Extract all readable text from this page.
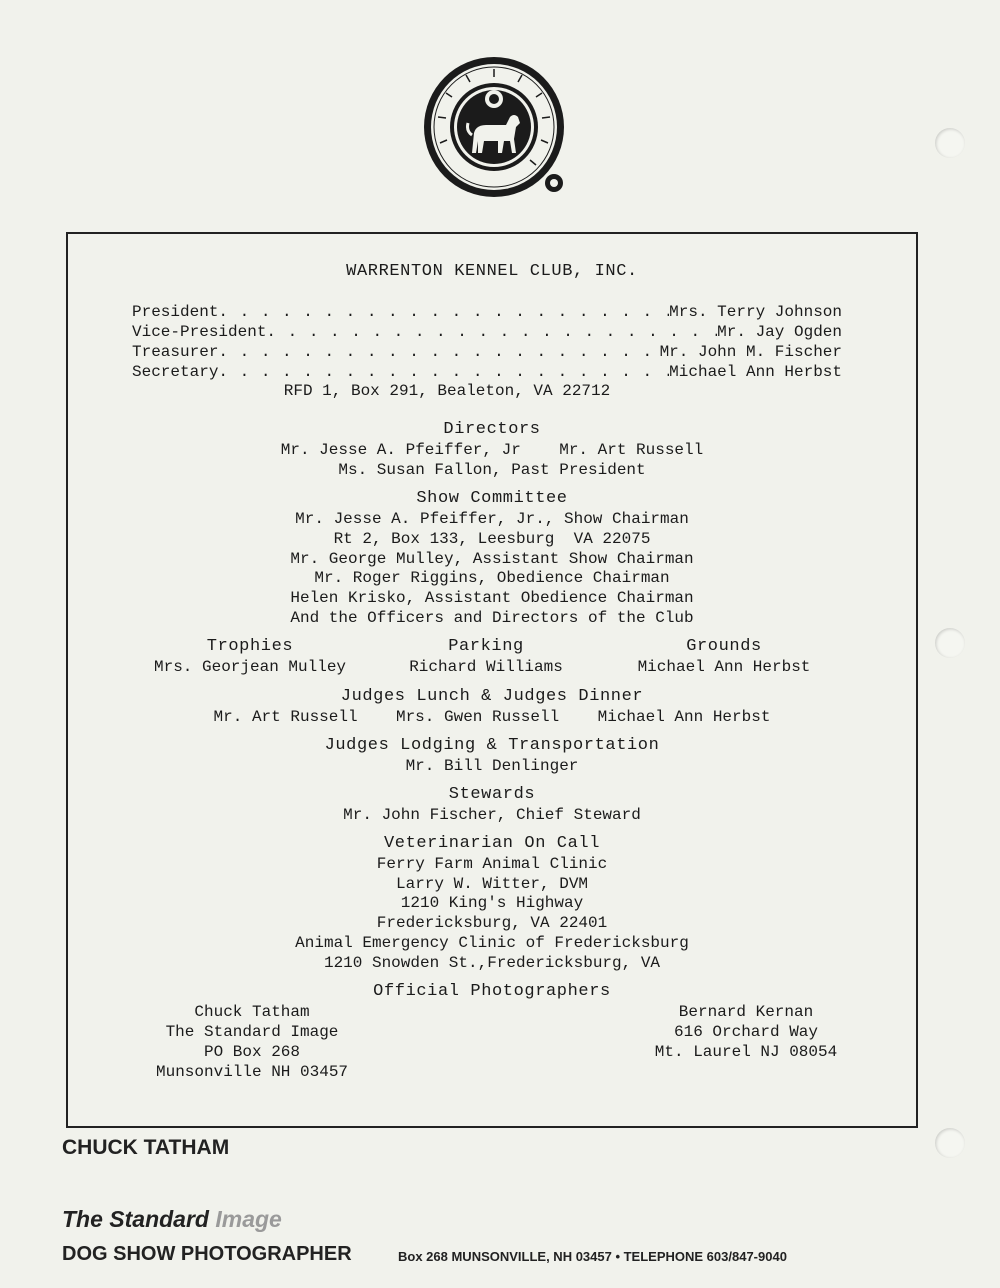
WARRENTON KENNEL CLUB, INC.
President . . .	Mrs. Terry Johnson
Vice-President . . .	Mr. Jay Ogden
Treasurer . . .	Mr. John M. Fischer
Secretary . . .	Michael Ann Herbst
RFD 1, Box 291, Bealeton, VA 22712
Directors
Mr. Jesse A. Pfeiffer, Jr    Mr. Art Russell
Ms. Susan Fallon, Past President
Show Committee
Mr. Jesse A. Pfeiffer, Jr., Show Chairman
Rt 2, Box 133, Leesburg  VA 22075
Mr. George Mulley, Assistant Show Chairman
Mr. Roger Riggins, Obedience Chairman
Helen Krisko, Assistant Obedience Chairman
And the Officers and Directors of the Club
Trophies
Mrs. Georjean Mulley
Parking
Richard Williams
Grounds
Michael Ann Herbst
Judges Lunch & Judges Dinner
Mr. Art Russell    Mrs. Gwen Russell    Michael Ann Herbst
Judges Lodging & Transportation
Mr. Bill Denlinger
Stewards
Mr. John Fischer, Chief Steward
Veterinarian On Call
Ferry Farm Animal Clinic
Larry W. Witter, DVM
1210 King's Highway
Fredericksburg, VA 22401
Animal Emergency Clinic of Fredericksburg
1210 Snowden St.,Fredericksburg, VA
Official Photographers
Chuck Tatham
The Standard Image
PO Box 268
Munsonville NH 03457
Bernard Kernan
616 Orchard Way
Mt. Laurel NJ 08054
CHUCK TATHAM
The Standard Image
DOG SHOW PHOTOGRAPHER	Box 268 MUNSONVILLE, NH 03457 • TELEPHONE 603/847-9040
